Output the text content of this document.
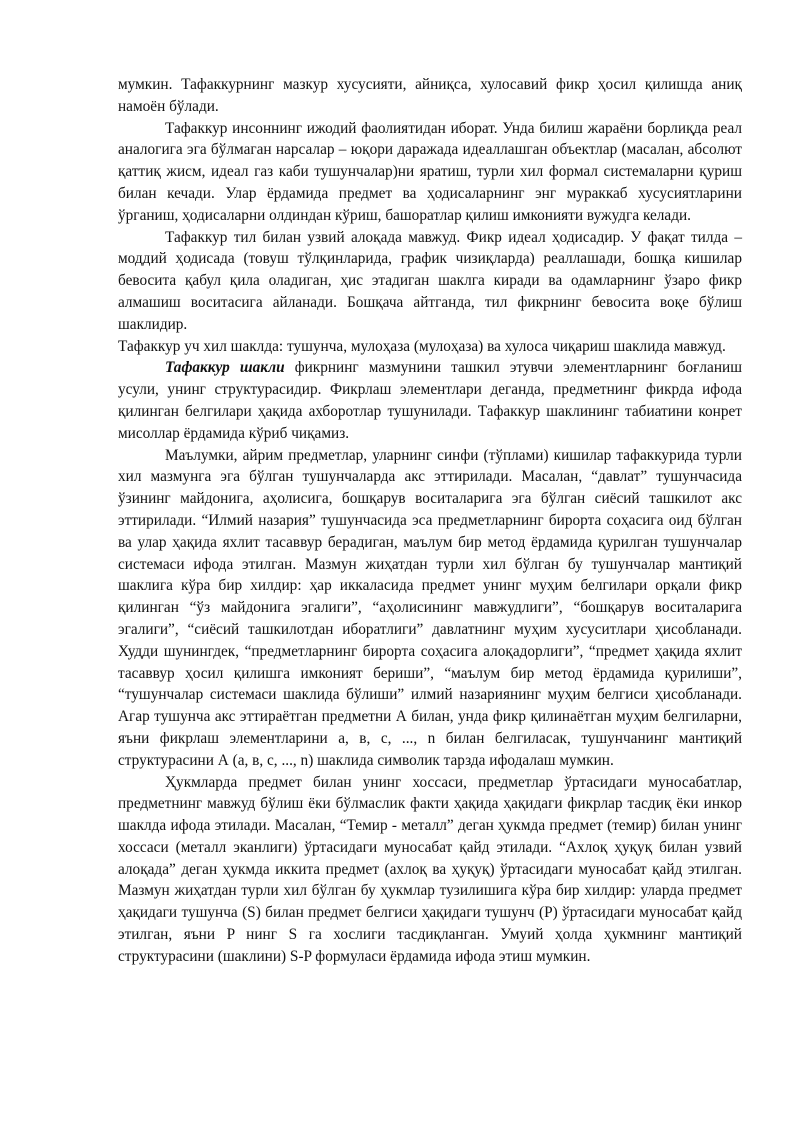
мумкин. Тафаккурнинг мазкур хусусияти, айниқса, хулосавий фикр ҳосил қилишда аниқ намоён бўлади.

Тафаккур инсоннинг ижодий фаолиятидан иборат. Унда билиш жараёни борлиқда реал аналогига эга бўлмаган нарсалар – юқори даражада идеаллашган объектлар (масалан, абсолют қаттиқ жисм, идеал газ каби тушунчалар)ни яратиш, турли хил формал системаларни қуриш билан кечади. Улар ёрдамида предмет ва ҳодисаларнинг энг мураккаб хусусиятларини ўрганиш, ҳодисаларни олдиндан кўриш, башоратлар қилиш имконияти вужудга келади.

Тафаккур тил билан узвий алоқада мавжуд. Фикр идеал ҳодисадир. У фақат тилда – моддий ҳодисада (товуш тўлқинларида, график чизиқларда) реаллашади, бошқа кишилар бевосита қабул қила оладиган, ҳис этадиган шаклга киради ва одамларнинг ўзаро фикр алмашиш воситасига айланади. Бошқача айтганда, тил фикрнинг бевосита воқе бўлиш шаклидир.

Тафаккур уч хил шаклда: тушунча, мулоҳаза (мулоҳаза) ва хулоса чиқариш шаклида мавжуд.

Тафаккур шакли фикрнинг мазмунини ташкил этувчи элементларнинг боғланиш усули, унинг структурасидир. Фикрлаш элементлари деганда, предметнинг фикрда ифода қилинган белгилари ҳақида ахборотлар тушунилади. Тафаккур шаклининг табиатини конрет мисоллар ёрдамида кўриб чиқамиз.

Маълумки, айрим предметлар, уларнинг синфи (тўплами) кишилар тафаккурида турли хил мазмунга эга бўлган тушунчаларда акс эттирилади. Масалан, “давлат” тушунчасида ўзининг майдонига, аҳолисига, бошқарув воситаларига эга бўлган сиёсий ташкилот акс эттирилади. “Илмий назария” тушунчасида эса предметларнинг бирорта соҳасига оид бўлган ва улар ҳақида яхлит тасаввур берадиган, маълум бир метод ёрдамида қурилган тушунчалар системаси ифода этилган. Мазмун жиҳатдан турли хил бўлган бу тушунчалар мантиқий шаклига кўра бир хилдир: ҳар иккаласида предмет унинг муҳим белгилари орқали фикр қилинган “ўз майдонига эгалиги”, “аҳолисининг мавжудлиги”, “бошқарув воситаларига эгалиги”, “сиёсий ташкилотдан иборатлиги” давлатнинг муҳим хусуситлари ҳисобланади. Худди шунингдек, “предметларнинг бирорта соҳасига алоқадорлиги”, “предмет ҳақида яхлит тасаввур ҳосил қилишга имконият бериши”, “маълум бир метод ёрдамида қурилиши”, “тушунчалар системаси шаклида бўлиши” илмий назариянинг муҳим белгиси ҳисобланади. Агар тушунча акс эттираётган предметни А билан, унда фикр қилинаётган муҳим белгиларни, яъни фикрлаш элементларини а, в, с, ..., n билан белгиласак, тушунчанинг мантиқий структурасини А (а, в, с, ..., n) шаклида символик тарзда ифодалаш мумкин.

Ҳукмларда предмет билан унинг хоссаси, предметлар ўртасидаги муносабатлар, предметнинг мавжуд бўлиш ёки бўлмаслик факти ҳақида ҳақидаги фикрлар тасдиқ ёки инкор шаклда ифода этилади. Масалан, “Темир - металл” деган ҳукмда предмет (темир) билан унинг хоссаси (металл эканлиги) ўртасидаги муносабат қайд этилади. “Ахлоқ ҳуқуқ билан узвий алоқада” деган ҳукмда иккита предмет (ахлоқ ва ҳуқуқ) ўртасидаги муносабат қайд этилган. Мазмун жиҳатдан турли хил бўлган бу ҳукмлар тузилишига кўра бир хилдир: уларда предмет ҳақидаги тушунча (S) билан предмет белгиси ҳақидаги тушунч (P) ўртасидаги муносабат қайд этилган, яъни P нинг S га хослиги тасдиқланган. Умуий ҳолда ҳукмнинг мантиқий структурасини (шаклини) S-P формуласи ёрдамида ифода этиш мумкин.
